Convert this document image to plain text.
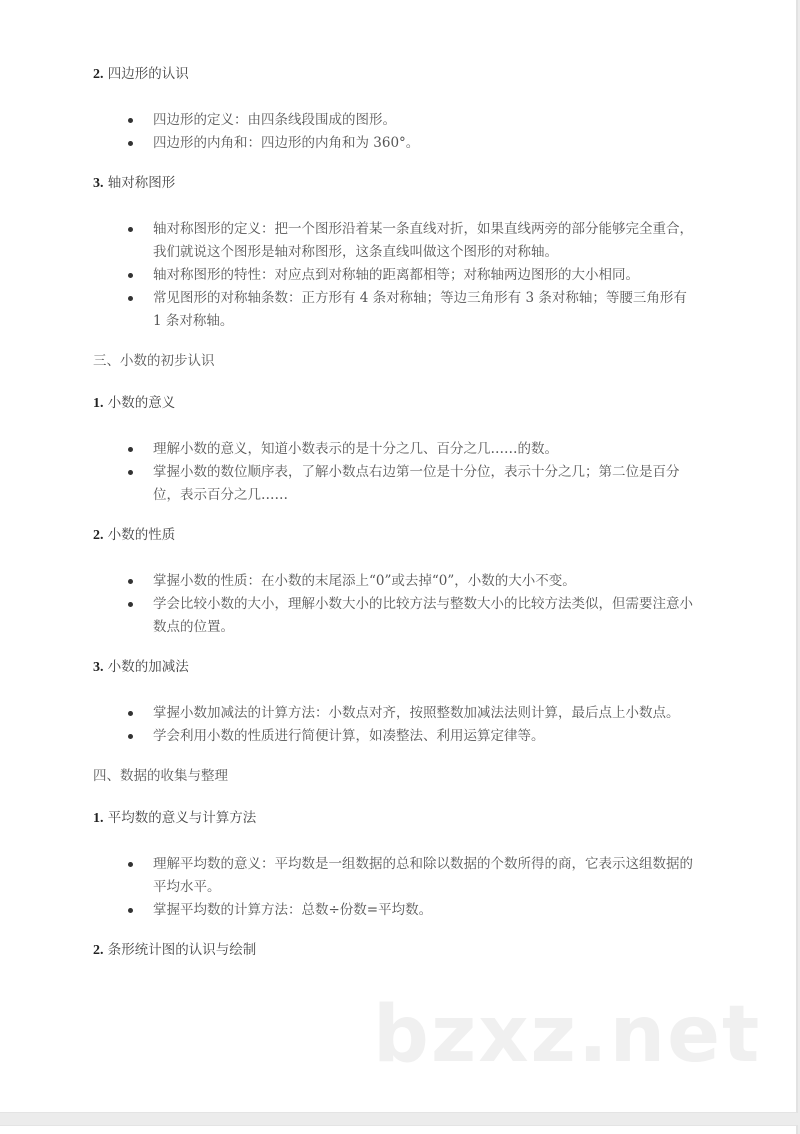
2. 四边形的认识

四边形的定义：由四条线段围成的图形。
四边形的内角和：四边形的内角和为 360°。

3. 轴对称图形

轴对称图形的定义：把一个图形沿着某一条直线对折，如果直线两旁的部分能够完全重合，我们就说这个图形是轴对称图形，这条直线叫做这个图形的对称轴。
轴对称图形的特性：对应点到对称轴的距离都相等；对称轴两边图形的大小相同。
常见图形的对称轴条数：正方形有 4 条对称轴；等边三角形有 3 条对称轴；等腰三角形有 1 条对称轴。

三、小数的初步认识

1. 小数的意义

理解小数的意义，知道小数表示的是十分之几、百分之几……的数。
掌握小数的数位顺序表，了解小数点右边第一位是十分位，表示十分之几；第二位是百分位，表示百分之几……

2. 小数的性质

掌握小数的性质：在小数的末尾添上“0”或去掉“0”，小数的大小不变。
学会比较小数的大小，理解小数大小的比较方法与整数大小的比较方法类似，但需要注意小数点的位置。

3. 小数的加减法

掌握小数加减法的计算方法：小数点对齐，按照整数加减法法则计算，最后点上小数点。
学会利用小数的性质进行简便计算，如凑整法、利用运算定律等。

四、数据的收集与整理

1. 平均数的意义与计算方法

理解平均数的意义：平均数是一组数据的总和除以数据的个数所得的商，它表示这组数据的平均水平。
掌握平均数的计算方法：总数÷份数=平均数。

2. 条形统计图的认识与绘制

bzxz.net
